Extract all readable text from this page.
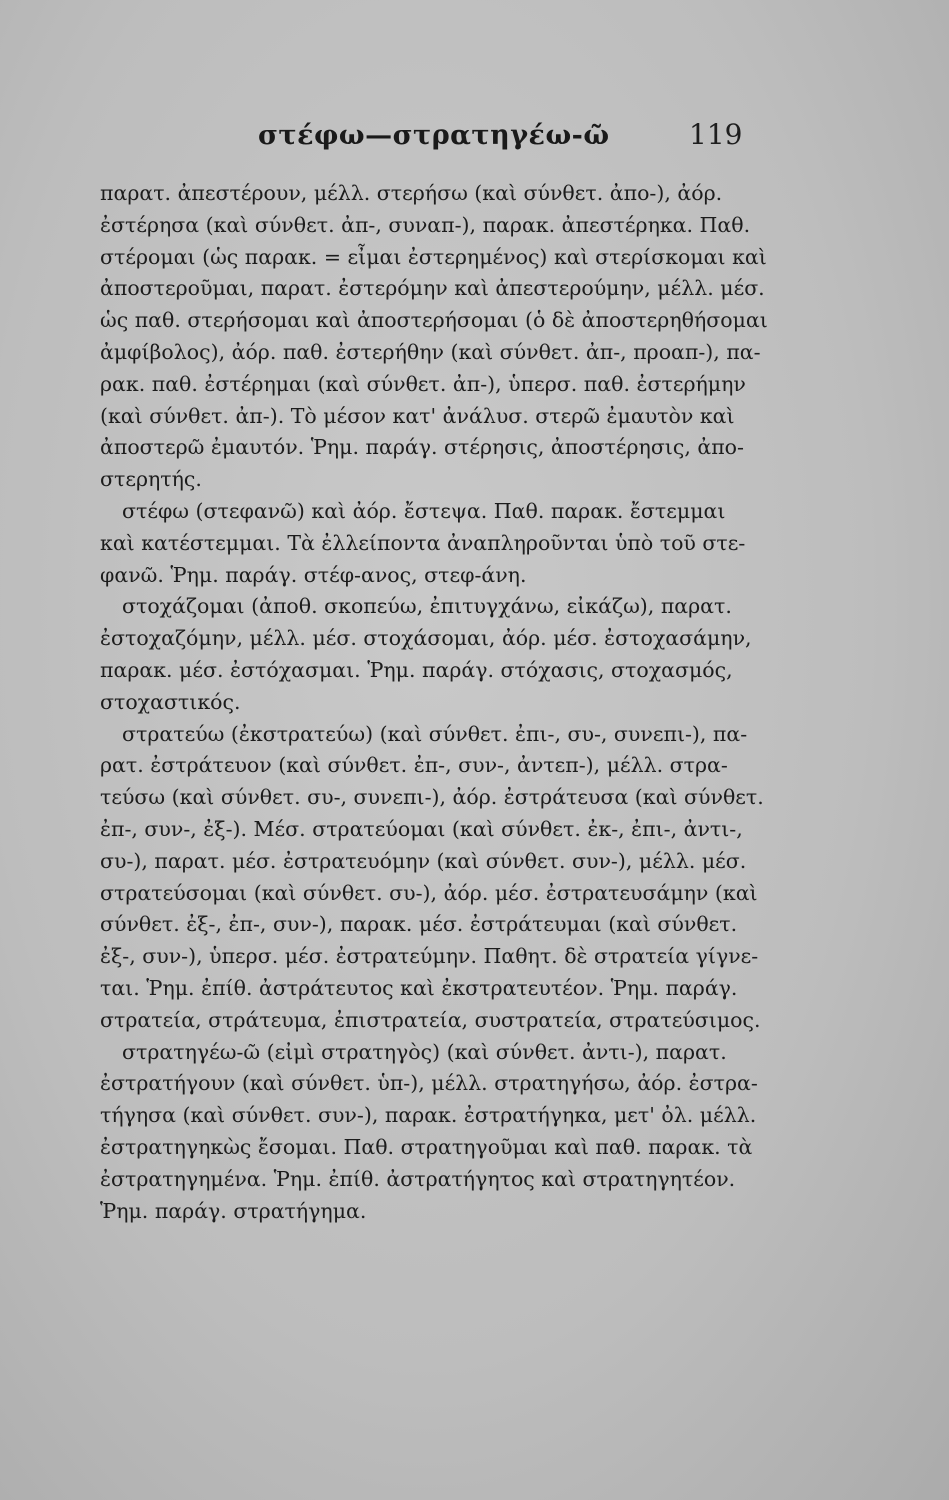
στέφω—στρατηγέω-ῶ	119
παρατ. ἀπεστέρουν, μέλλ. στερήσω (καὶ σύνθετ. ἀπο-), ἀόρ.
ἐστέρησα (καὶ σύνθετ. ἀπ-, συναπ-), παρακ. ἀπεστέρηκα. Παθ.
στέρομαι (ὡς παρακ. = εἶμαι ἐστερημένος) καὶ στερίσκομαι καὶ
ἀποστεροῦμαι, παρατ. ἐστερόμην καὶ ἀπεστερούμην, μέλλ. μέσ.
ὡς παθ. στερήσομαι καὶ ἀποστερήσομαι (ὁ δὲ ἀποστερηθήσομαι
ἀμφίβολος), ἀόρ. παθ. ἐστερήθην (καὶ σύνθετ. ἀπ-, προαπ-), πα-
ρακ. παθ. ἐστέρημαι (καὶ σύνθετ. ἀπ-), ὑπερσ. παθ. ἐστερήμην
(καὶ σύνθετ. ἀπ-). Τὸ μέσον κατ' ἀνάλυσ. στερῶ ἐμαυτὸν καὶ
ἀποστερῶ ἐμαυτόν. Ῥημ. παράγ. στέρησις, ἀποστέρησις, ἀπο-
στερητής.
στέφω (στεφανῶ) καὶ ἀόρ. ἔστεψα. Παθ. παρακ. ἔστεμμαι
καὶ κατέστεμμαι. Τὰ ἐλλείποντα ἀναπληροῦνται ὑπὸ τοῦ στε-
φανῶ. Ῥημ. παράγ. στέφ-ανος, στεφ-άνη.
στοχάζομαι (ἀποθ. σκοπεύω, ἐπιτυγχάνω, εἰκάζω), παρατ.
ἐστοχαζόμην, μέλλ. μέσ. στοχάσομαι, ἀόρ. μέσ. ἐστοχασάμην,
παρακ. μέσ. ἐστόχασμαι. Ῥημ. παράγ. στόχασις, στοχασμός,
στοχαστικός.
στρατεύω (ἐκστρατεύω) (καὶ σύνθετ. ἐπι-, συ-, συνεπι-), πα-
ρατ. ἐστράτευον (καὶ σύνθετ. ἐπ-, συν-, ἀντεπ-), μέλλ. στρα-
τεύσω (καὶ σύνθετ. συ-, συνεπι-), ἀόρ. ἐστράτευσα (καὶ σύνθετ.
ἐπ-, συν-, ἐξ-). Μέσ. στρατεύομαι (καὶ σύνθετ. ἐκ-, ἐπι-, ἀντι-,
συ-), παρατ. μέσ. ἐστρατευόμην (καὶ σύνθετ. συν-), μέλλ. μέσ.
στρατεύσομαι (καὶ σύνθετ. συ-), ἀόρ. μέσ. ἐστρατευσάμην (καὶ
σύνθετ. ἐξ-, ἐπ-, συν-), παρακ. μέσ. ἐστράτευμαι (καὶ σύνθετ.
ἐξ-, συν-), ὑπερσ. μέσ. ἐστρατεύμην. Παθητ. δὲ στρατεία γίγνε-
ται. Ῥημ. ἐπίθ. ἀστράτευτος καὶ ἐκστρατευτέον. Ῥημ. παράγ.
στρατεία, στράτευμα, ἐπιστρατεία, συστρατεία, στρατεύσιμος.
στρατηγέω-ῶ (εἰμὶ στρατηγὸς) (καὶ σύνθετ. ἀντι-), παρατ.
ἐστρατήγουν (καὶ σύνθετ. ὑπ-), μέλλ. στρατηγήσω, ἀόρ. ἐστρα-
τήγησα (καὶ σύνθετ. συν-), παρακ. ἐστρατήγηκα, μετ' ὀλ. μέλλ.
ἐστρατηγηκὼς ἔσομαι. Παθ. στρατηγοῦμαι καὶ παθ. παρακ. τὰ
ἐστρατηγημένα. Ῥημ. ἐπίθ. ἀστρατήγητος καὶ στρατηγητέον.
Ῥημ. παράγ. στρατήγημα.
